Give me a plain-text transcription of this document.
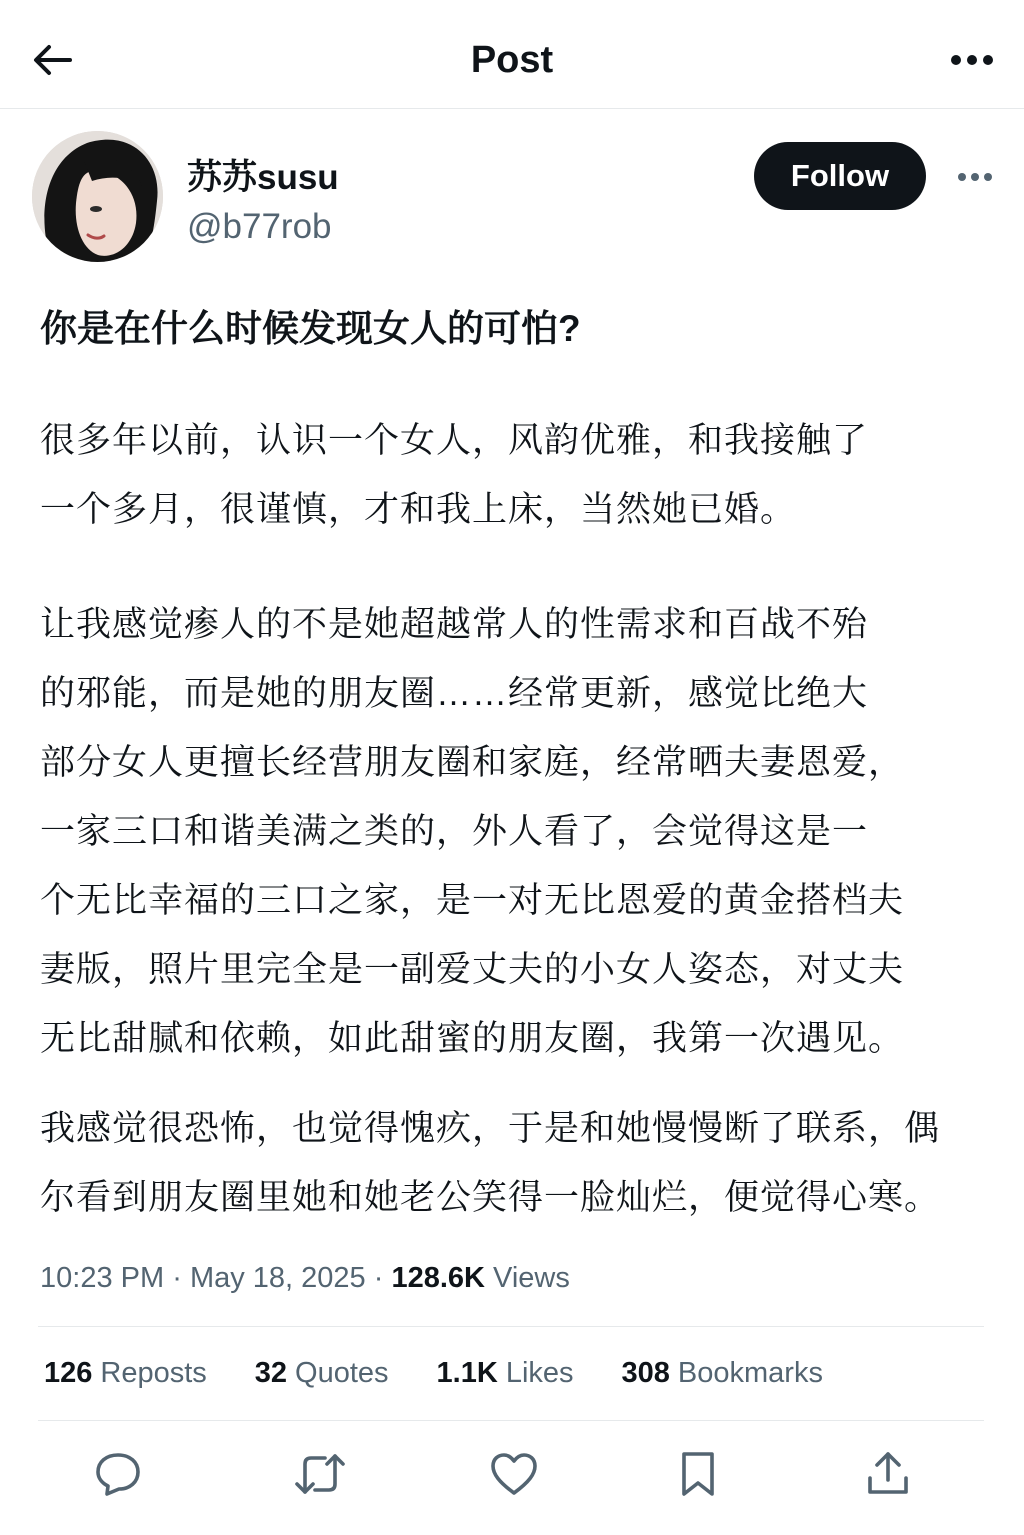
Post
苏苏susu
@b77rob
Follow
你是在什么时候发现女人的可怕?

很多年以前，认识一个女人，风韵优雅，和我接触了
一个多月，很谨慎，才和我上床，当然她已婚。

让我感觉瘆人的不是她超越常人的性需求和百战不殆
的邪能，而是她的朋友圈……经常更新，感觉比绝大
部分女人更擅长经营朋友圈和家庭，经常晒夫妻恩爱，
一家三口和谐美满之类的，外人看了，会觉得这是一
个无比幸福的三口之家，是一对无比恩爱的黄金搭档夫
妻版，照片里完全是一副爱丈夫的小女人姿态，对丈夫
无比甜腻和依赖，如此甜蜜的朋友圈，我第一次遇见。

我感觉很恐怖，也觉得愧疚，于是和她慢慢断了联系，偶
尔看到朋友圈里她和她老公笑得一脸灿烂，便觉得心寒。

10:23 PM · May 18, 2025 · 128.6K Views
126 Reposts 32 Quotes 1.1K Likes 308 Bookmarks
